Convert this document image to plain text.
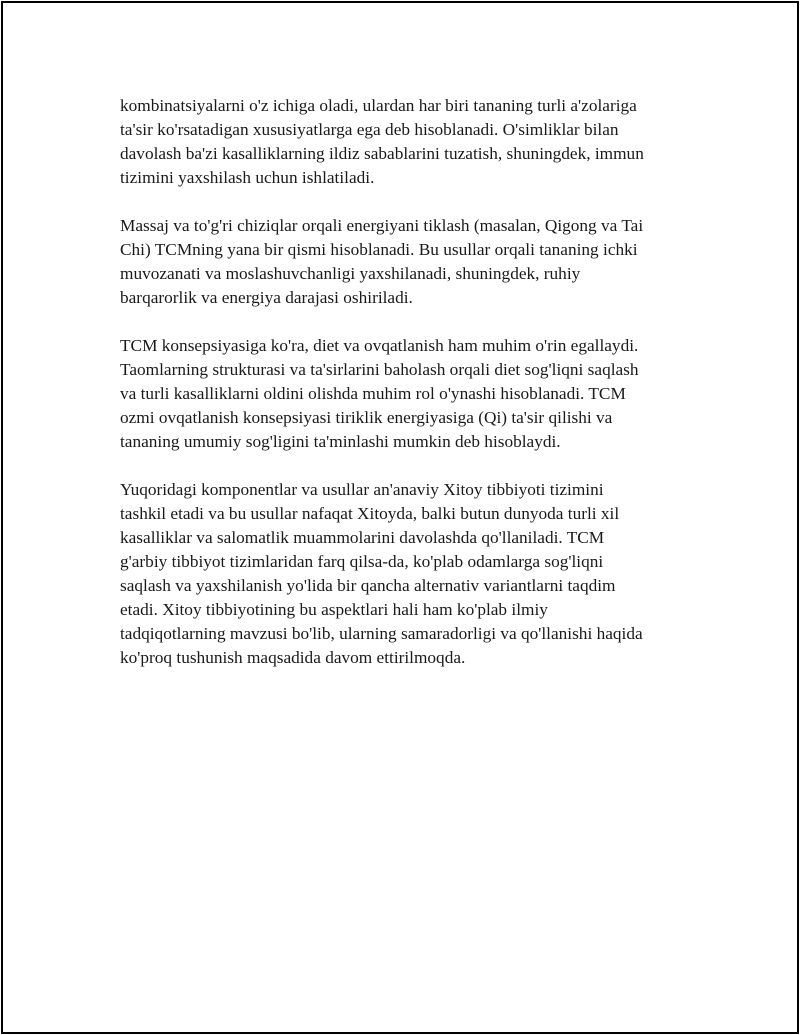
kombinatsiyalarni o'z ichiga oladi, ulardan har biri tananing turli a'zolariga
ta'sir ko'rsatadigan xususiyatlarga ega deb hisoblanadi. O'simliklar bilan
davolash ba'zi kasalliklarning ildiz sabablarini tuzatish, shuningdek, immun
tizimini yaxshilash uchun ishlatiladi.

Massaj va to'g'ri chiziqlar orqali energiyani tiklash (masalan, Qigong va Tai
Chi) TCMning yana bir qismi hisoblanadi. Bu usullar orqali tananing ichki
muvozanati va moslashuvchanligi yaxshilanadi, shuningdek, ruhiy
barqarorlik va energiya darajasi oshiriladi.

TCM konsepsiyasiga ko'ra, diet va ovqatlanish ham muhim o'rin egallaydi.
Taomlarning strukturasi va ta'sirlarini baholash orqali diet sog'liqni saqlash
va turli kasalliklarni oldini olishda muhim rol o'ynashi hisoblanadi. TCM
ozmi ovqatlanish konsepsiyasi tiriklik energiyasiga (Qi) ta'sir qilishi va
tananing umumiy sog'ligini ta'minlashi mumkin deb hisoblaydi.

Yuqoridagi komponentlar va usullar an'anaviy Xitoy tibbiyoti tizimini
tashkil etadi va bu usullar nafaqat Xitoyda, balki butun dunyoda turli xil
kasalliklar va salomatlik muammolarini davolashda qo'llaniladi. TCM
g'arbiy tibbiyot tizimlaridan farq qilsa-da, ko'plab odamlarga sog'liqni
saqlash va yaxshilanish yo'lida bir qancha alternativ variantlarni taqdim
etadi. Xitoy tibbiyotining bu aspektlari hali ham ko'plab ilmiy
tadqiqotlarning mavzusi bo'lib, ularning samaradorligi va qo'llanishi haqida
ko'proq tushunish maqsadida davom ettirilmoqda.
